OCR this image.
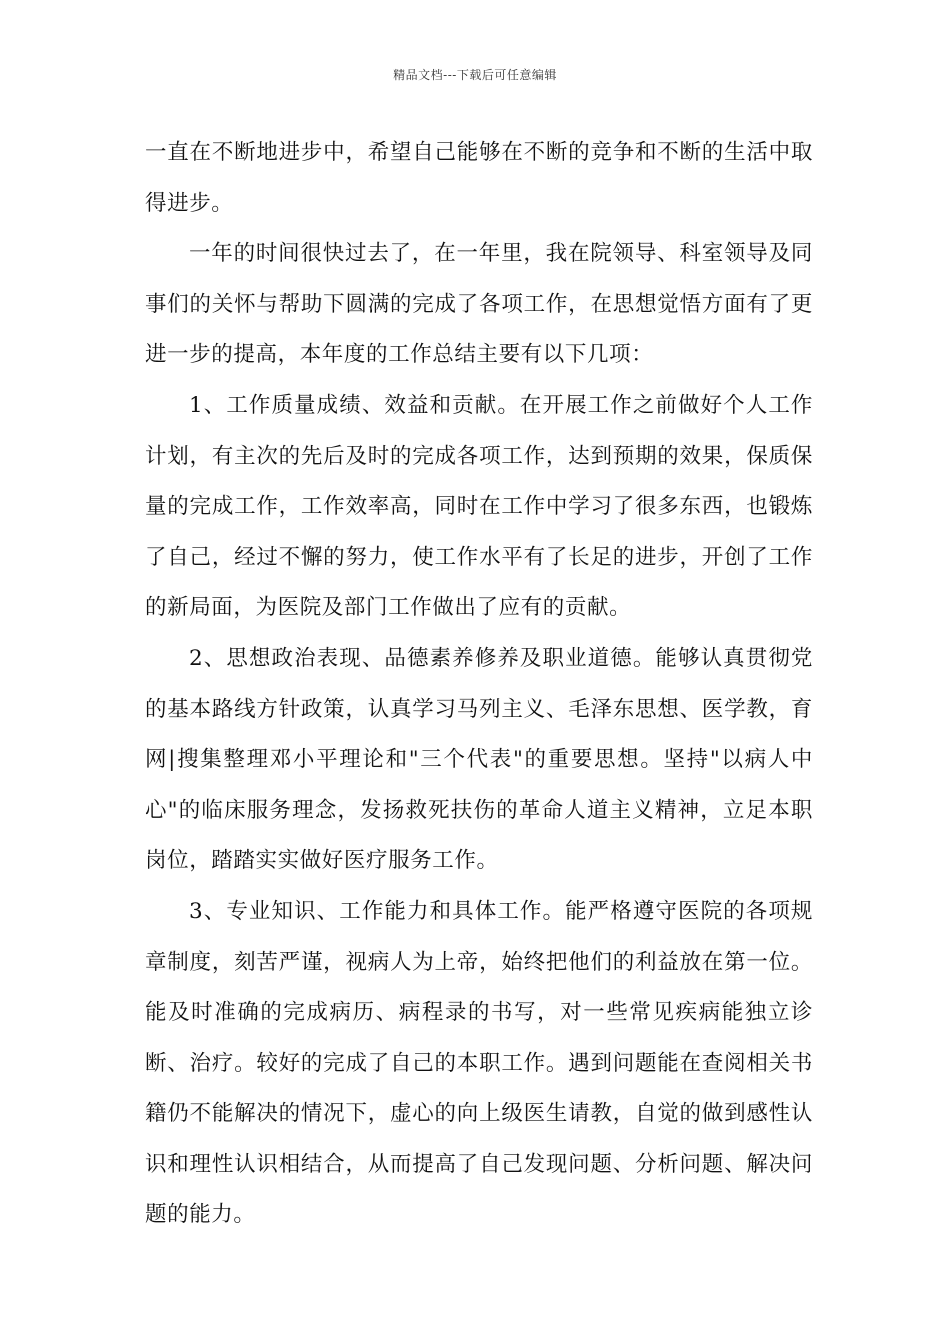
精品文档---下载后可任意编辑

一直在不断地进步中，希望自己能够在不断的竞争和不断的生活中取得进步。

一年的时间很快过去了，在一年里，我在院领导、科室领导及同事们的关怀与帮助下圆满的完成了各项工作，在思想觉悟方面有了更进一步的提高，本年度的工作总结主要有以下几项：

1、工作质量成绩、效益和贡献。在开展工作之前做好个人工作计划，有主次的先后及时的完成各项工作，达到预期的效果，保质保量的完成工作，工作效率高，同时在工作中学习了很多东西，也锻炼了自己，经过不懈的努力，使工作水平有了长足的进步，开创了工作的新局面，为医院及部门工作做出了应有的贡献。

2、思想政治表现、品德素养修养及职业道德。能够认真贯彻党的基本路线方针政策，认真学习马列主义、毛泽东思想、医学教，育网|搜集整理邓小平理论和"三个代表"的重要思想。坚持"以病人中心"的临床服务理念，发扬救死扶伤的革命人道主义精神，立足本职岗位，踏踏实实做好医疗服务工作。

3、专业知识、工作能力和具体工作。能严格遵守医院的各项规章制度，刻苦严谨，视病人为上帝，始终把他们的利益放在第一位。能及时准确的完成病历、病程录的书写，对一些常见疾病能独立诊断、治疗。较好的完成了自己的本职工作。遇到问题能在查阅相关书籍仍不能解决的情况下，虚心的向上级医生请教，自觉的做到感性认识和理性认识相结合，从而提高了自己发现问题、分析问题、解决问题的能力。
